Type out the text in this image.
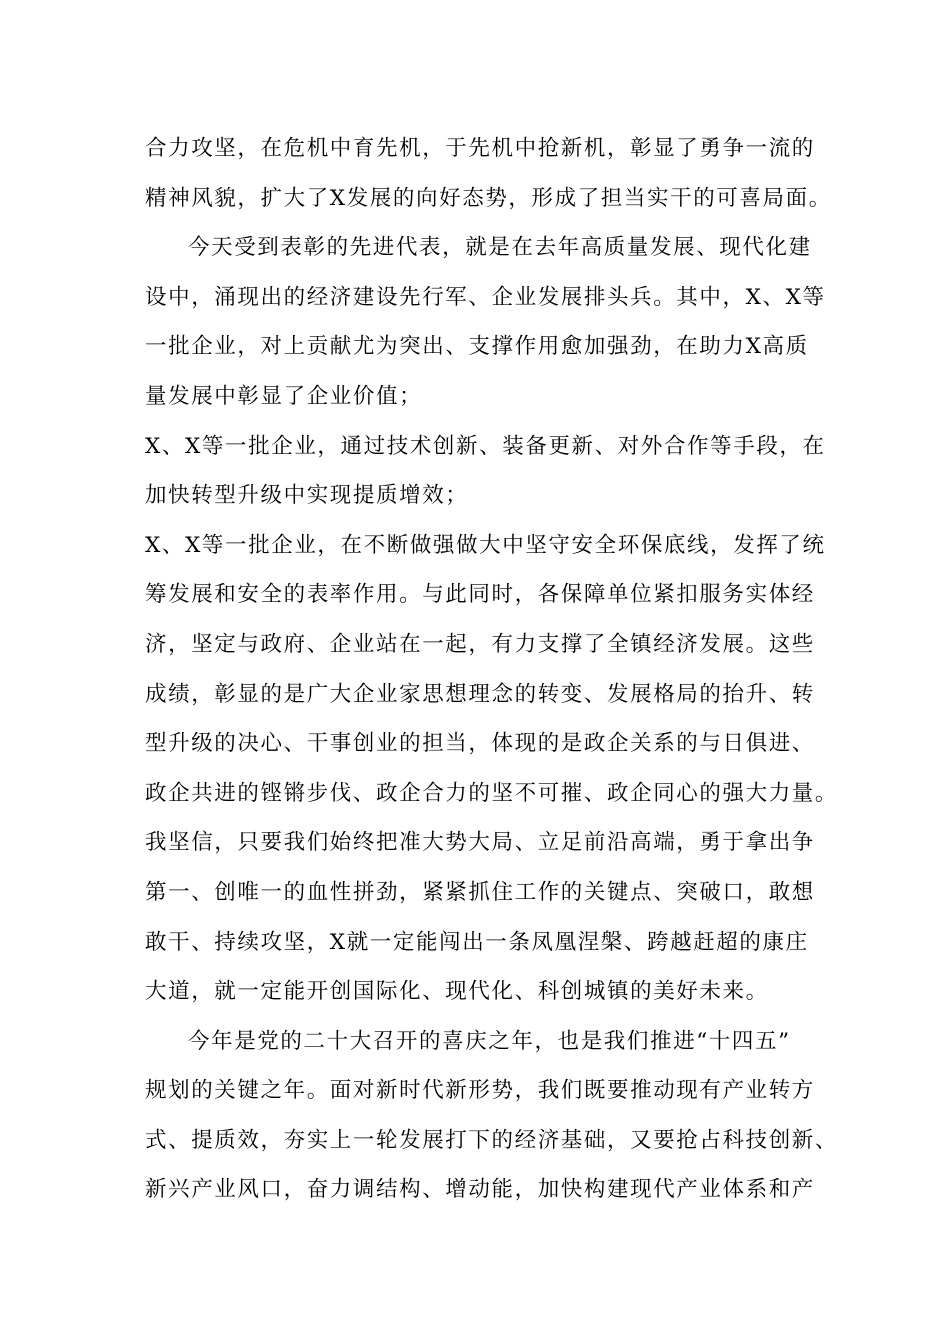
合力攻坚，在危机中育先机，于先机中抢新机，彰显了勇争一流的
精神风貌，扩大了X发展的向好态势，形成了担当实干的可喜局面。
今天受到表彰的先进代表，就是在去年高质量发展、现代化建
设中，涌现出的经济建设先行军、企业发展排头兵。其中，X、X等
一批企业，对上贡献尤为突出、支撑作用愈加强劲，在助力X高质
量发展中彰显了企业价值；
X、X等一批企业，通过技术创新、装备更新、对外合作等手段，在
加快转型升级中实现提质增效；
X、X等一批企业，在不断做强做大中坚守安全环保底线，发挥了统
筹发展和安全的表率作用。与此同时，各保障单位紧扣服务实体经
济，坚定与政府、企业站在一起，有力支撑了全镇经济发展。这些
成绩，彰显的是广大企业家思想理念的转变、发展格局的抬升、转
型升级的决心、干事创业的担当，体现的是政企关系的与日俱进、
政企共进的铿锵步伐、政企合力的坚不可摧、政企同心的强大力量。
我坚信，只要我们始终把准大势大局、立足前沿高端，勇于拿出争
第一、创唯一的血性拼劲，紧紧抓住工作的关键点、突破口，敢想
敢干、持续攻坚，X就一定能闯出一条凤凰涅槃、跨越赶超的康庄
大道，就一定能开创国际化、现代化、科创城镇的美好未来。
今年是党的二十大召开的喜庆之年，也是我们推进“十四五”
规划的关键之年。面对新时代新形势，我们既要推动现有产业转方
式、提质效，夯实上一轮发展打下的经济基础，又要抢占科技创新、
新兴产业风口，奋力调结构、增动能，加快构建现代产业体系和产
